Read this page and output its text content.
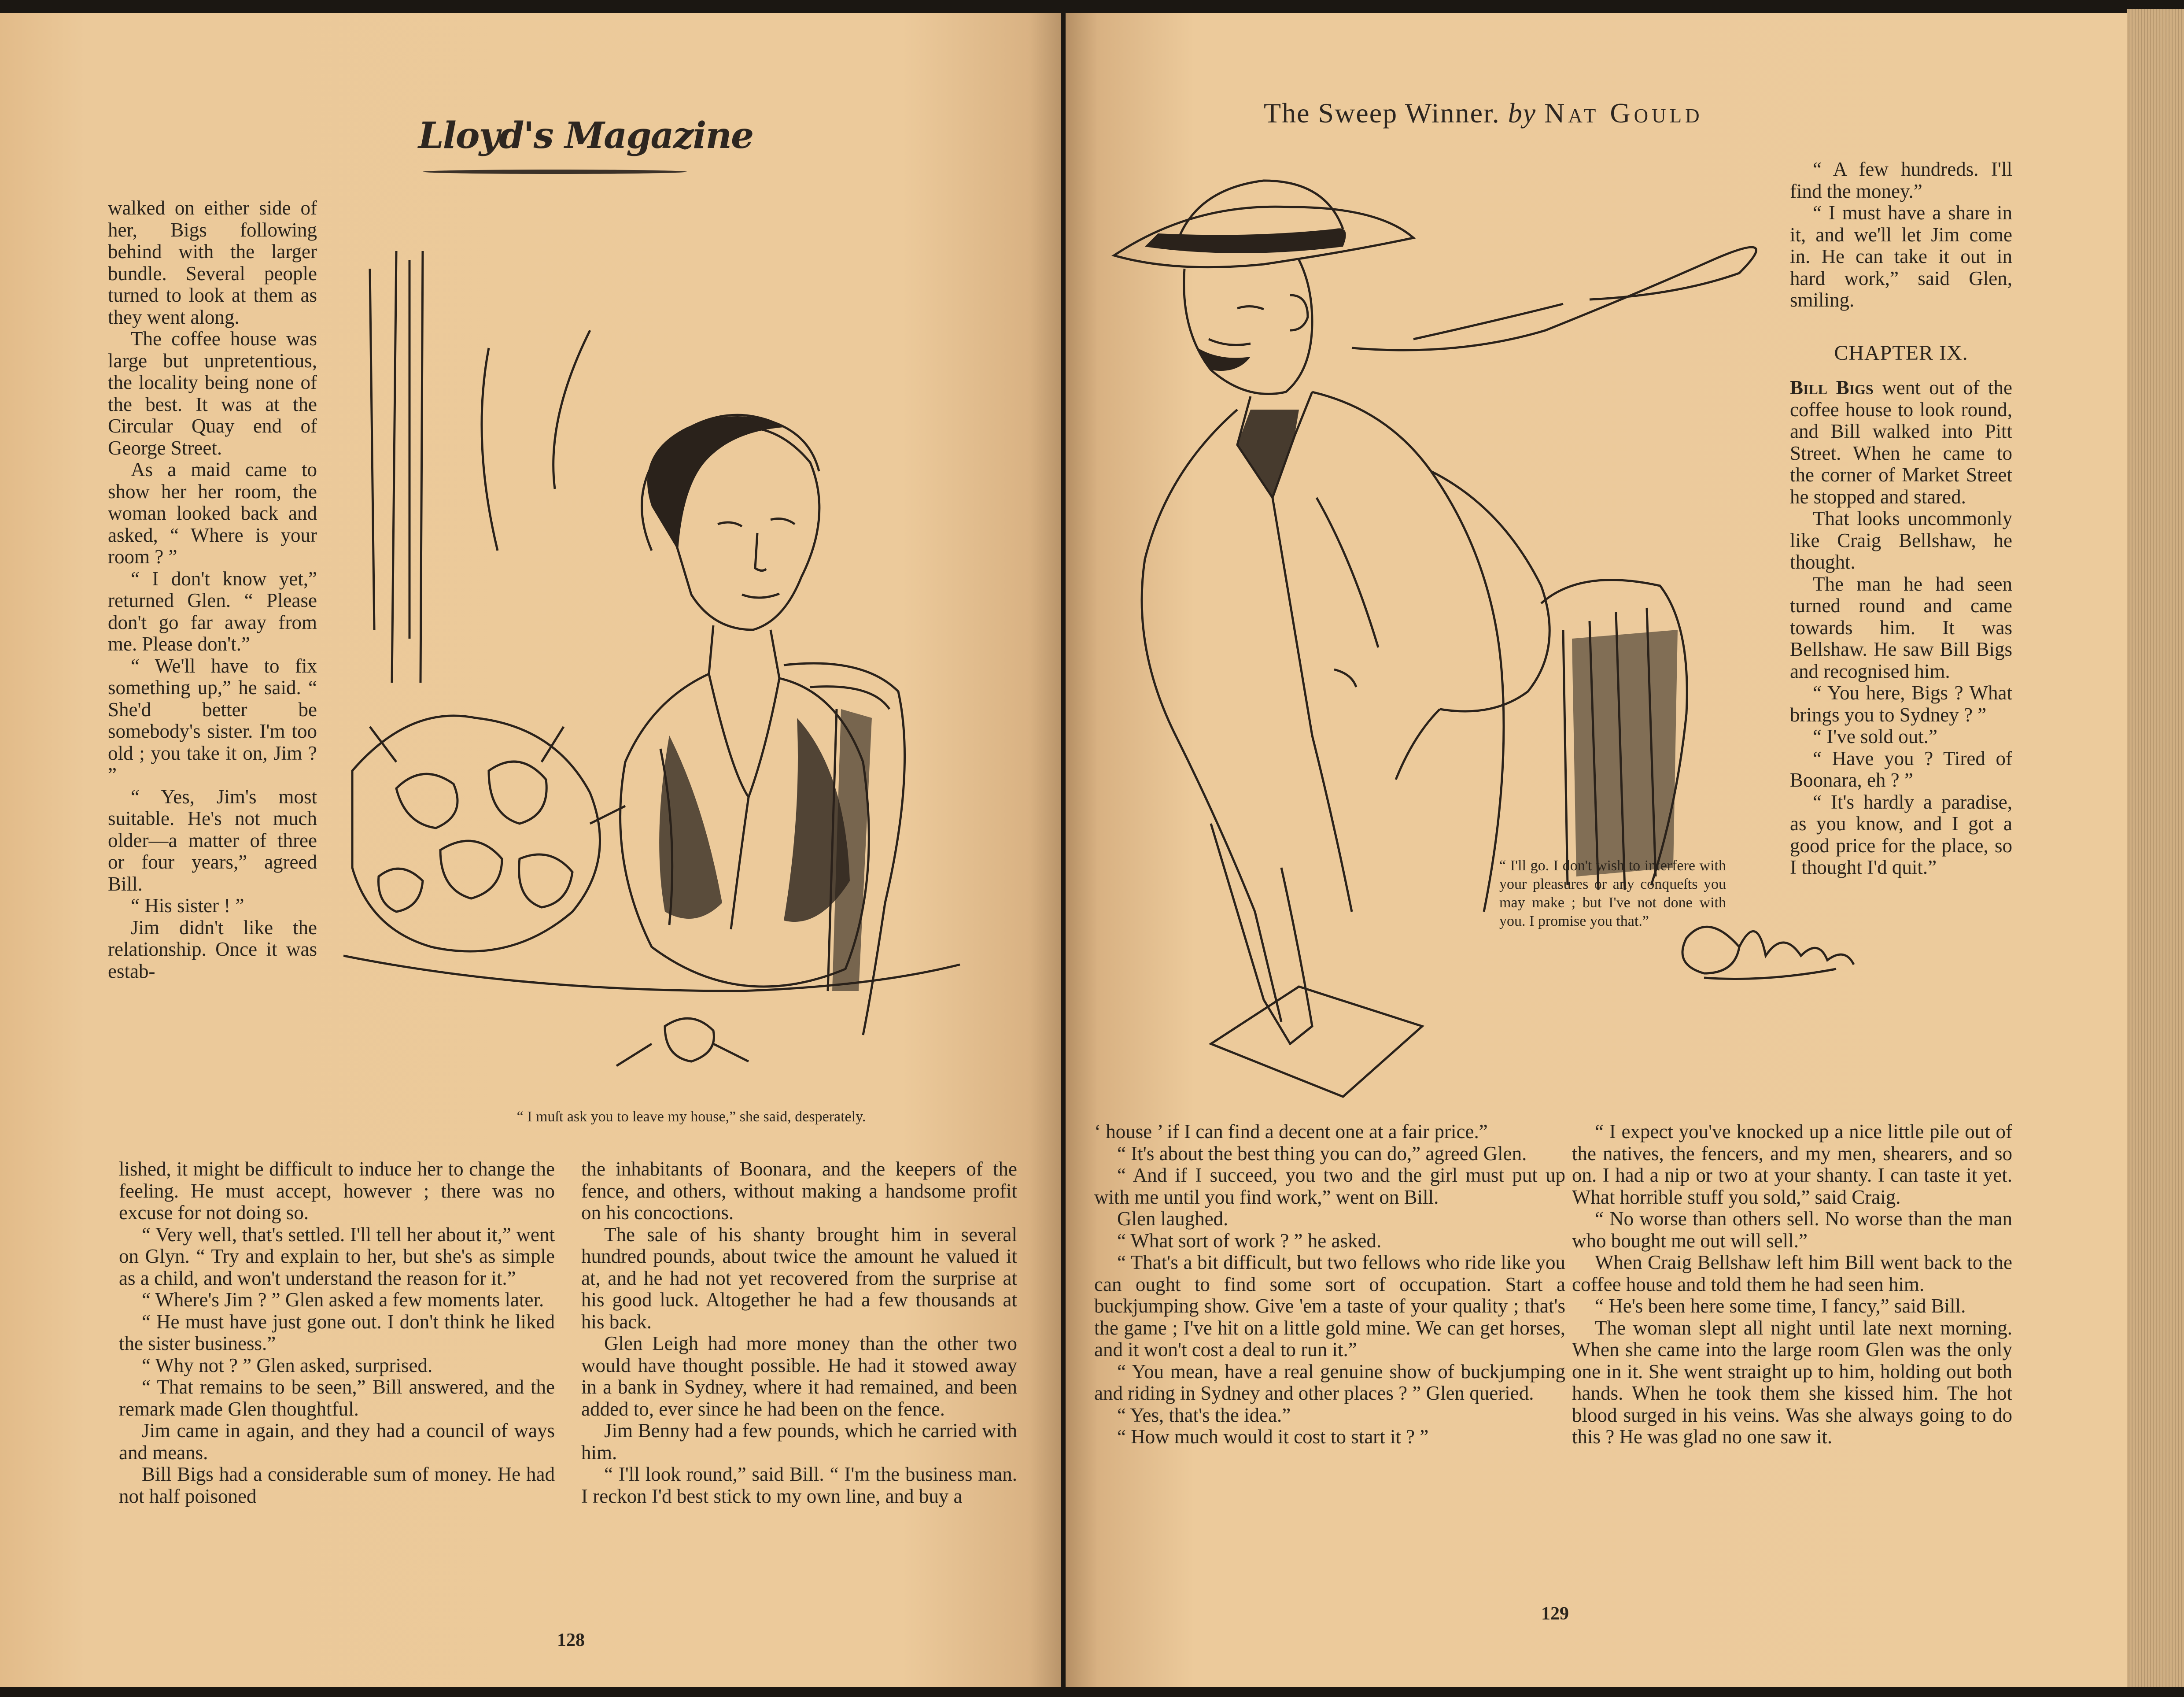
Lloyd's Magazine

walked on either side of her, Bigs following behind with the larger bundle. Several people turned to look at them as they went along.

The coffee house was large but unpretentious, the locality being none of the best. It was at the Circular Quay end of George Street.

As a maid came to show her her room, the woman looked back and asked, “ Where is your room ? ”

“ I don't know yet,” returned Glen. “ Please don't go far away from me. Please don't.”

“ We'll have to fix something up,” he said. “ She'd better be somebody's sister. I'm too old ; you take it on, Jim ? ”

“ Yes, Jim's most suitable. He's not much older—a matter of three or four years,” agreed Bill.

“ His sister ! ”

Jim didn't like the relationship. Once it was estab-

“ I muſt ask you to leave my house,” she said, desperately.

lished, it might be difficult to induce her to change the feeling. He must accept, however ; there was no excuse for not doing so.

“ Very well, that's settled. I'll tell her about it,” went on Glyn. “ Try and explain to her, but she's as simple as a child, and won't understand the reason for it.”

“ Where's Jim ? ” Glen asked a few moments later.

“ He must have just gone out. I don't think he liked the sister business.”

“ Why not ? ” Glen asked, surprised.

“ That remains to be seen,” Bill answered, and the remark made Glen thoughtful.

Jim came in again, and they had a council of ways and means.

Bill Bigs had a considerable sum of money. He had not half poisoned

the inhabitants of Boonara, and the keepers of the fence, and others, without making a handsome profit on his concoctions.

The sale of his shanty brought him in several hundred pounds, about twice the amount he valued it at, and he had not yet recovered from the surprise at his good luck. Altogether he had a few thousands at his back.

Glen Leigh had more money than the other two would have thought possible. He had it stowed away in a bank in Sydney, where it had remained, and been added to, ever since he had been on the fence.

Jim Benny had a few pounds, which he carried with him.

“ I'll look round,” said Bill. “ I'm the business man. I reckon I'd best stick to my own line, and buy a

128
The Sweep Winner. by Nat Gould
“ I'll go. I don't wish to interfere with your pleasures or any conqueſts you may make ; but I've not done with you. I promise you that.”

“ A few hundreds. I'll find the money.”

“ I must have a share in it, and we'll let Jim come in. He can take it out in hard work,” said Glen, smiling.

CHAPTER IX.

Bill Bigs went out of the coffee house to look round, and Bill walked into Pitt Street. When he came to the corner of Market Street he stopped and stared.

That looks uncommonly like Craig Bellshaw, he thought.

The man he had seen turned round and came towards him. It was Bellshaw. He saw Bill Bigs and recognised him.

“ You here, Bigs ? What brings you to Sydney ? ”

“ I've sold out.”

“ Have you ? Tired of Boonara, eh ? ”

“ It's hardly a paradise, as you know, and I got a good price for the place, so I thought I'd quit.”

‘ house ’ if I can find a decent one at a fair price.”

“ It's about the best thing you can do,” agreed Glen.

“ And if I succeed, you two and the girl must put up with me until you find work,” went on Bill.

Glen laughed.

“ What sort of work ? ” he asked.

“ That's a bit difficult, but two fellows who ride like you can ought to find some sort of occupation. Start a buckjumping show. Give 'em a taste of your quality ; that's the game ; I've hit on a little gold mine. We can get horses, and it won't cost a deal to run it.”

“ You mean, have a real genuine show of buckjumping and riding in Sydney and other places ? ” Glen queried.

“ Yes, that's the idea.”

“ How much would it cost to start it ? ”

“ I expect you've knocked up a nice little pile out of the natives, the fencers, and my men, shearers, and so on. I had a nip or two at your shanty. I can taste it yet. What horrible stuff you sold,” said Craig.

“ No worse than others sell. No worse than the man who bought me out will sell.”

When Craig Bellshaw left him Bill went back to the coffee house and told them he had seen him.

“ He's been here some time, I fancy,” said Bill.

The woman slept all night until late next morning. When she came into the large room Glen was the only one in it. She went straight up to him, holding out both hands. When he took them she kissed him. The hot blood surged in his veins. Was she always going to do this ? He was glad no one saw it.

129
